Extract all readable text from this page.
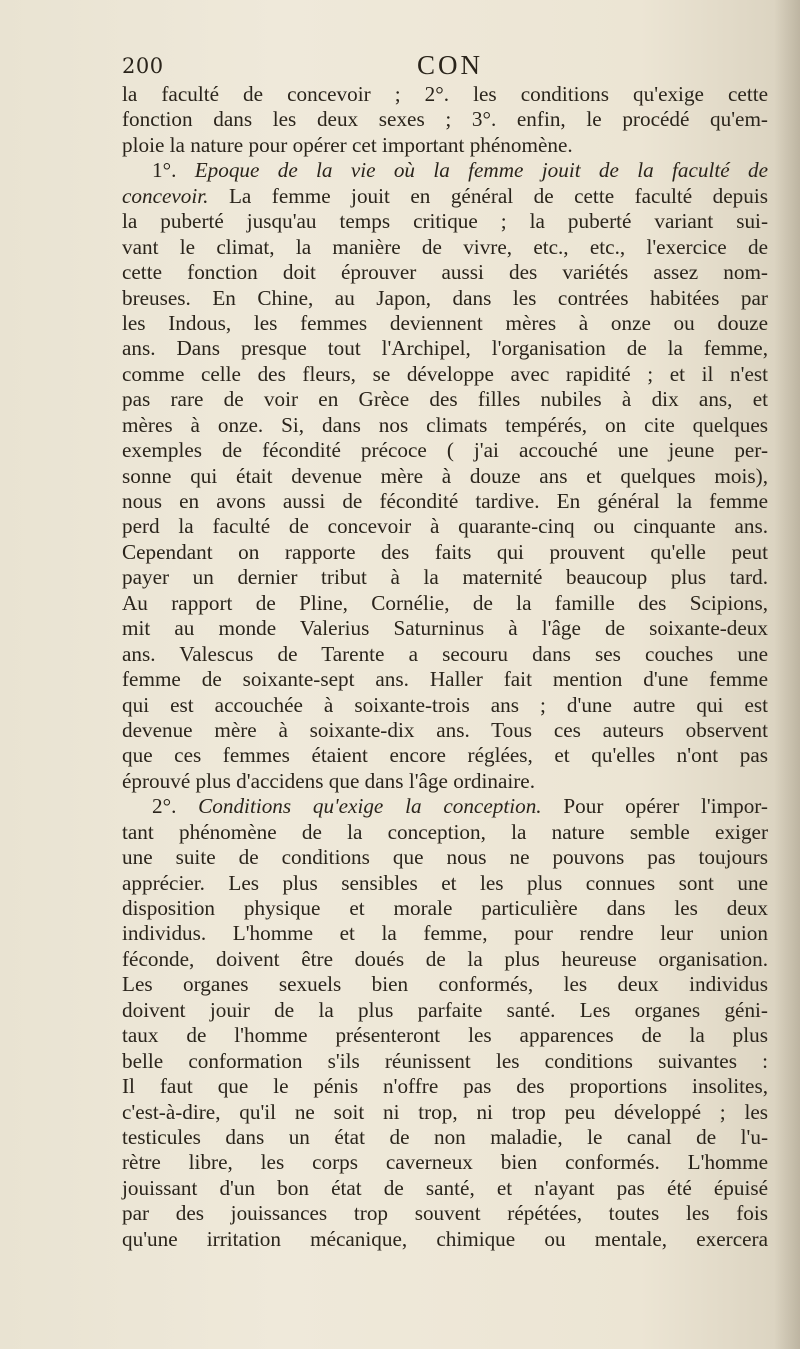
200	CON
la faculté de concevoir ; 2°. les conditions qu'exige cette
fonction dans les deux sexes ; 3°. enfin, le procédé qu'em-
ploie la nature pour opérer cet important phénomène.
1°. Epoque de la vie où la femme jouit de la faculté de
concevoir. La femme jouit en général de cette faculté depuis
la puberté jusqu'au temps critique ; la puberté variant sui-
vant le climat, la manière de vivre, etc., etc., l'exercice de
cette fonction doit éprouver aussi des variétés assez nom-
breuses. En Chine, au Japon, dans les contrées habitées par
les Indous, les femmes deviennent mères à onze ou douze
ans. Dans presque tout l'Archipel, l'organisation de la femme,
comme celle des fleurs, se développe avec rapidité ; et il n'est
pas rare de voir en Grèce des filles nubiles à dix ans, et
mères à onze. Si, dans nos climats tempérés, on cite quelques
exemples de fécondité précoce ( j'ai accouché une jeune per-
sonne qui était devenue mère à douze ans et quelques mois),
nous en avons aussi de fécondité tardive. En général la femme
perd la faculté de concevoir à quarante-cinq ou cinquante ans.
Cependant on rapporte des faits qui prouvent qu'elle peut
payer un dernier tribut à la maternité beaucoup plus tard.
Au rapport de Pline, Cornélie, de la famille des Scipions,
mit au monde Valerius Saturninus à l'âge de soixante-deux
ans. Valescus de Tarente a secouru dans ses couches une
femme de soixante-sept ans. Haller fait mention d'une femme
qui est accouchée à soixante-trois ans ; d'une autre qui est
devenue mère à soixante-dix ans. Tous ces auteurs observent
que ces femmes étaient encore réglées, et qu'elles n'ont pas
éprouvé plus d'accidens que dans l'âge ordinaire.
2°. Conditions qu'exige la conception. Pour opérer l'impor-
tant phénomène de la conception, la nature semble exiger
une suite de conditions que nous ne pouvons pas toujours
apprécier. Les plus sensibles et les plus connues sont une
disposition physique et morale particulière dans les deux
individus. L'homme et la femme, pour rendre leur union
féconde, doivent être doués de la plus heureuse organisation.
Les organes sexuels bien conformés, les deux individus
doivent jouir de la plus parfaite santé. Les organes géni-
taux de l'homme présenteront les apparences de la plus
belle conformation s'ils réunissent les conditions suivantes :
Il faut que le pénis n'offre pas des proportions insolites,
c'est-à-dire, qu'il ne soit ni trop, ni trop peu développé ; les
testicules dans un état de non maladie, le canal de l'u-
rètre libre, les corps caverneux bien conformés. L'homme
jouissant d'un bon état de santé, et n'ayant pas été épuisé
par des jouissances trop souvent répétées, toutes les fois
qu'une irritation mécanique, chimique ou mentale, exercera
